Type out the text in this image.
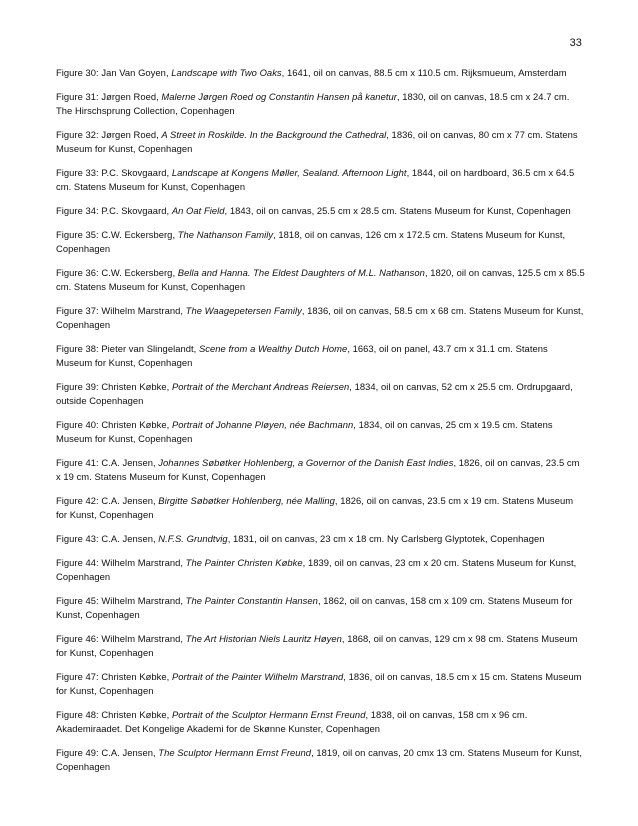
33

Figure 30: Jan Van Goyen, Landscape with Two Oaks, 1641, oil on canvas, 88.5 cm x 110.5 cm. Rijksmueum, Amsterdam

Figure 31: Jørgen Roed, Malerne Jørgen Roed og Constantin Hansen på kanetur, 1830, oil on canvas, 18.5 cm x 24.7 cm. The Hirschsprung Collection, Copenhagen

Figure 32: Jørgen Roed, A Street in Roskilde. In the Background the Cathedral, 1836, oil on canvas, 80 cm x 77 cm. Statens Museum for Kunst, Copenhagen

Figure 33: P.C. Skovgaard, Landscape at Kongens Møller, Sealand. Afternoon Light, 1844, oil on hardboard, 36.5 cm x 64.5 cm. Statens Museum for Kunst, Copenhagen

Figure 34: P.C. Skovgaard, An Oat Field, 1843, oil on canvas, 25.5 cm x 28.5 cm. Statens Museum for Kunst, Copenhagen

Figure 35: C.W. Eckersberg, The Nathanson Family, 1818, oil on canvas, 126 cm x 172.5 cm. Statens Museum for Kunst, Copenhagen

Figure 36: C.W. Eckersberg, Bella and Hanna. The Eldest Daughters of M.L. Nathanson, 1820, oil on canvas, 125.5 cm x 85.5 cm. Statens Museum for Kunst, Copenhagen

Figure 37: Wilhelm Marstrand, The Waagepetersen Family, 1836, oil on canvas, 58.5 cm x 68 cm. Statens Museum for Kunst, Copenhagen

Figure 38: Pieter van Slingelandt, Scene from a Wealthy Dutch Home, 1663, oil on panel, 43.7 cm x 31.1 cm. Statens Museum for Kunst, Copenhagen

Figure 39: Christen Købke, Portrait of the Merchant Andreas Reiersen, 1834, oil on canvas, 52 cm x 25.5 cm. Ordrupgaard, outside Copenhagen

Figure 40: Christen Købke, Portrait of Johanne Pløyen, née Bachmann, 1834, oil on canvas, 25 cm x 19.5 cm. Statens Museum for Kunst, Copenhagen

Figure 41: C.A. Jensen, Johannes Søbøtker Hohlenberg, a Governor of the Danish East Indies, 1826, oil on canvas, 23.5 cm x 19 cm. Statens Museum for Kunst, Copenhagen

Figure 42: C.A. Jensen, Birgitte Søbøtker Hohlenberg, née Malling, 1826, oil on canvas, 23.5 cm x 19 cm. Statens Museum for Kunst, Copenhagen

Figure 43: C.A. Jensen, N.F.S. Grundtvig, 1831, oil on canvas, 23 cm x 18 cm. Ny Carlsberg Glyptotek, Copenhagen

Figure 44: Wilhelm Marstrand, The Painter Christen Købke, 1839, oil on canvas, 23 cm x 20 cm. Statens Museum for Kunst, Copenhagen

Figure 45: Wilhelm Marstrand, The Painter Constantin Hansen, 1862, oil on canvas, 158 cm x 109 cm. Statens Museum for Kunst, Copenhagen

Figure 46: Wilhelm Marstrand, The Art Historian Niels Lauritz Høyen, 1868, oil on canvas, 129 cm x 98 cm. Statens Museum for Kunst, Copenhagen

Figure 47: Christen Købke, Portrait of the Painter Wilhelm Marstrand, 1836, oil on canvas, 18.5 cm x 15 cm. Statens Museum for Kunst, Copenhagen

Figure 48: Christen Købke, Portrait of the Sculptor Hermann Ernst Freund, 1838, oil on canvas, 158 cm x 96 cm. Akademiraadet. Det Kongelige Akademi for de Skønne Kunster, Copenhagen

Figure 49: C.A. Jensen, The Sculptor Hermann Ernst Freund, 1819, oil on canvas, 20 cmx 13 cm. Statens Museum for Kunst, Copenhagen
